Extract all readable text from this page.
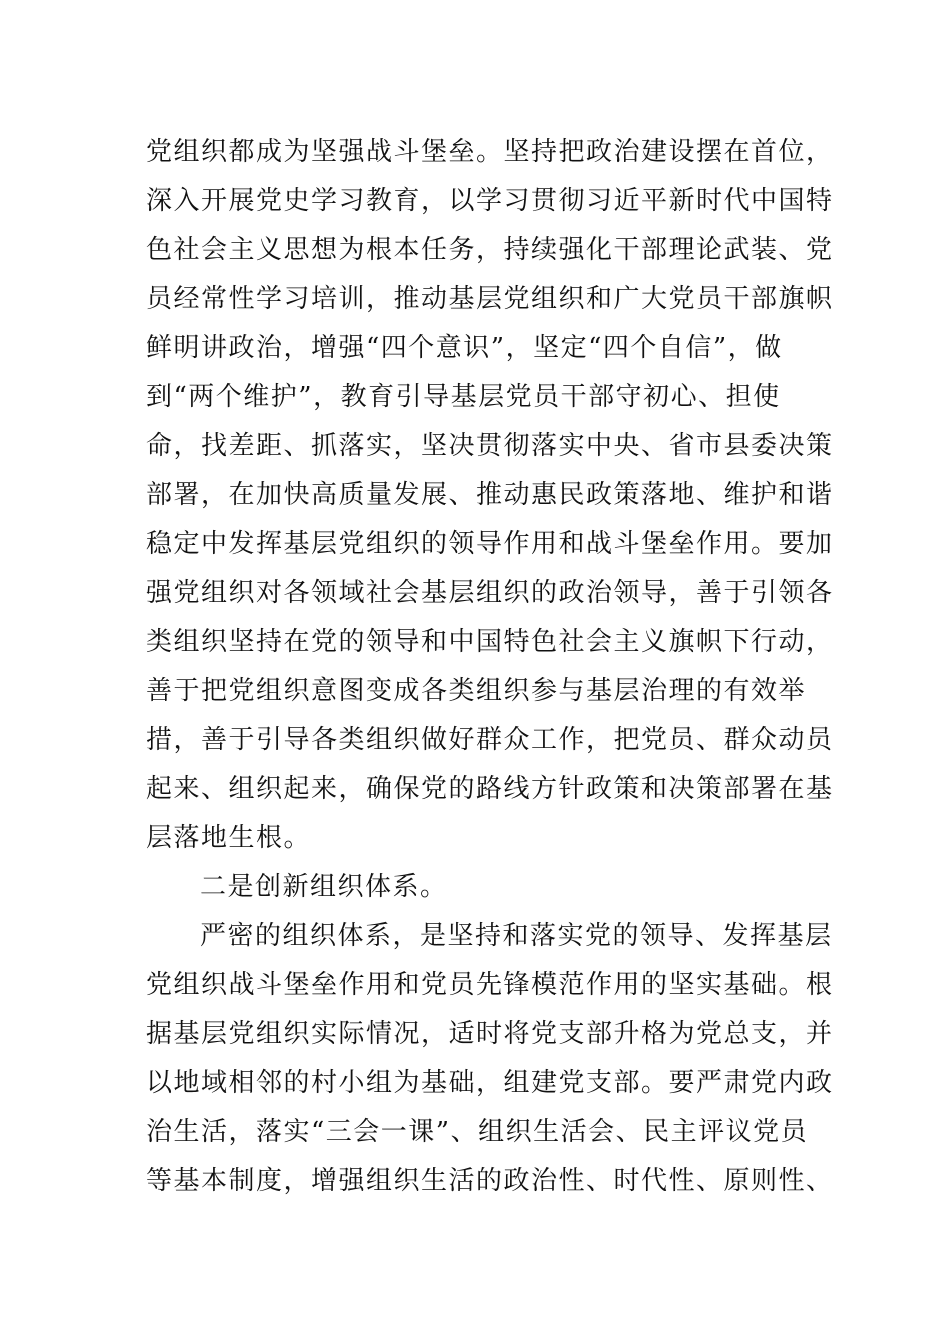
党组织都成为坚强战斗堡垒。坚持把政治建设摆在首位，
深入开展党史学习教育，以学习贯彻习近平新时代中国特
色社会主义思想为根本任务，持续强化干部理论武装、党
员经常性学习培训，推动基层党组织和广大党员干部旗帜
鲜明讲政治，增强“四个意识”，坚定“四个自信”，做
到“两个维护”，教育引导基层党员干部守初心、担使
命，找差距、抓落实，坚决贯彻落实中央、省市县委决策
部署，在加快高质量发展、推动惠民政策落地、维护和谐
稳定中发挥基层党组织的领导作用和战斗堡垒作用。要加
强党组织对各领域社会基层组织的政治领导，善于引领各
类组织坚持在党的领导和中国特色社会主义旗帜下行动，
善于把党组织意图变成各类组织参与基层治理的有效举
措，善于引导各类组织做好群众工作，把党员、群众动员
起来、组织起来，确保党的路线方针政策和决策部署在基
层落地生根。
二是创新组织体系。
严密的组织体系，是坚持和落实党的领导、发挥基层
党组织战斗堡垒作用和党员先锋模范作用的坚实基础。根
据基层党组织实际情况，适时将党支部升格为党总支，并
以地域相邻的村小组为基础，组建党支部。要严肃党内政
治生活，落实“三会一课”、组织生活会、民主评议党员
等基本制度，增强组织生活的政治性、时代性、原则性、
